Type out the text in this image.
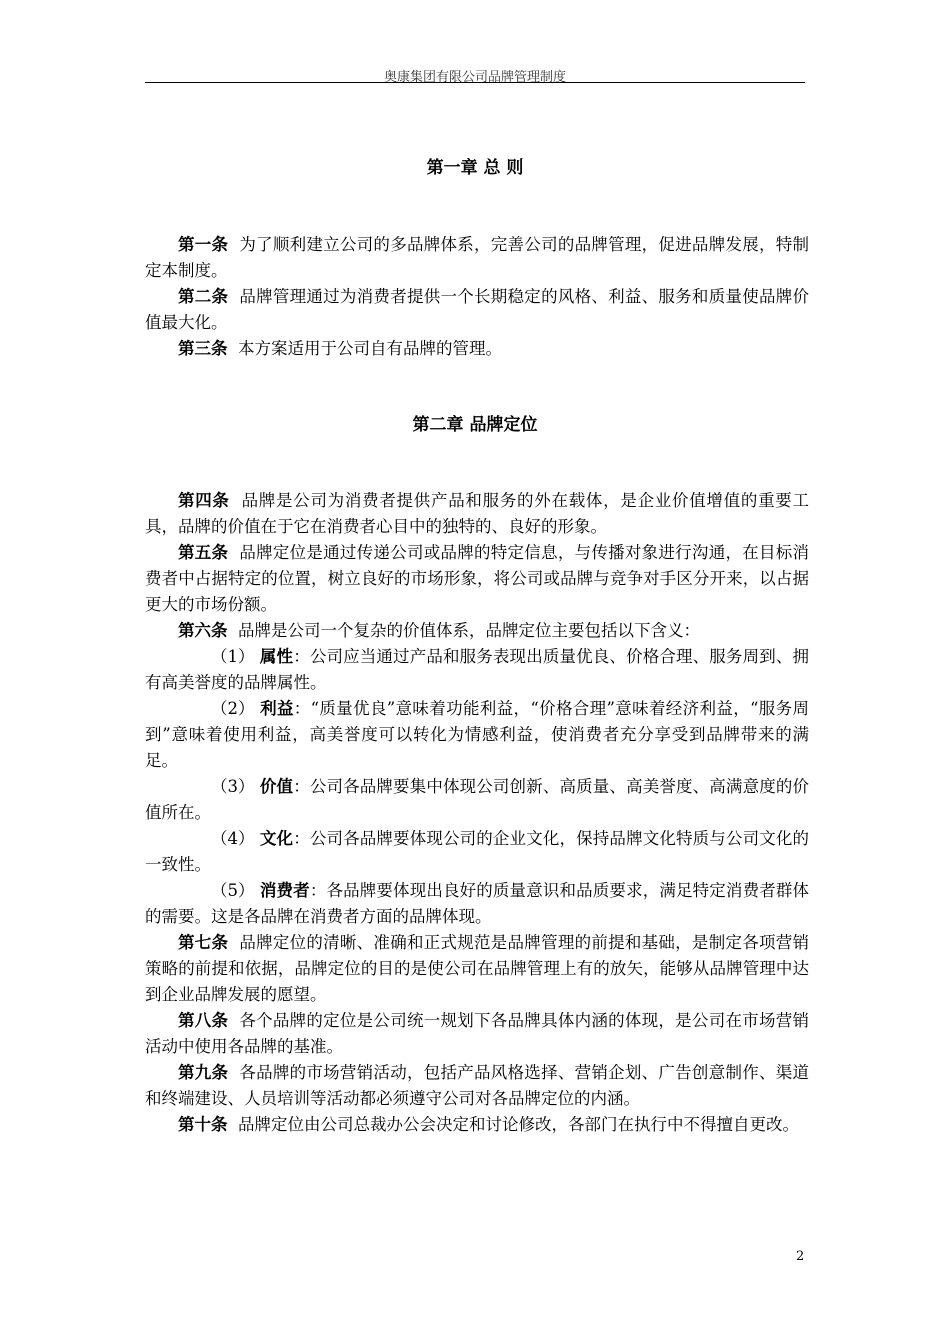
奥康集团有限公司品牌管理制度
第一章 总 则

第一条 为了顺利建立公司的多品牌体系，完善公司的品牌管理，促进品牌发展，特制定本制度。

第二条 品牌管理通过为消费者提供一个长期稳定的风格、利益、服务和质量使品牌价值最大化。

第三条 本方案适用于公司自有品牌的管理。

第二章 品牌定位

第四条 品牌是公司为消费者提供产品和服务的外在载体，是企业价值增值的重要工具，品牌的价值在于它在消费者心目中的独特的、良好的形象。

第五条 品牌定位是通过传递公司或品牌的特定信息，与传播对象进行沟通，在目标消费者中占据特定的位置，树立良好的市场形象，将公司或品牌与竞争对手区分开来，以占据更大的市场份额。

第六条 品牌是公司一个复杂的价值体系，品牌定位主要包括以下含义：

（1） 属性：公司应当通过产品和服务表现出质量优良、价格合理、服务周到、拥有高美誉度的品牌属性。

（2） 利益：“质量优良”意味着功能利益，“价格合理”意味着经济利益，“服务周到”意味着使用利益，高美誉度可以转化为情感利益，使消费者充分享受到品牌带来的满足。

（3） 价值：公司各品牌要集中体现公司创新、高质量、高美誉度、高满意度的价值所在。

（4） 文化：公司各品牌要体现公司的企业文化，保持品牌文化特质与公司文化的一致性。

（5） 消费者：各品牌要体现出良好的质量意识和品质要求，满足特定消费者群体的需要。这是各品牌在消费者方面的品牌体现。

第七条 品牌定位的清晰、准确和正式规范是品牌管理的前提和基础，是制定各项营销策略的前提和依据，品牌定位的目的是使公司在品牌管理上有的放矢，能够从品牌管理中达到企业品牌发展的愿望。

第八条 各个品牌的定位是公司统一规划下各品牌具体内涵的体现，是公司在市场营销活动中使用各品牌的基准。

第九条 各品牌的市场营销活动，包括产品风格选择、营销企划、广告创意制作、渠道和终端建设、人员培训等活动都必须遵守公司对各品牌定位的内涵。

第十条 品牌定位由公司总裁办公会决定和讨论修改，各部门在执行中不得擅自更改。

2
